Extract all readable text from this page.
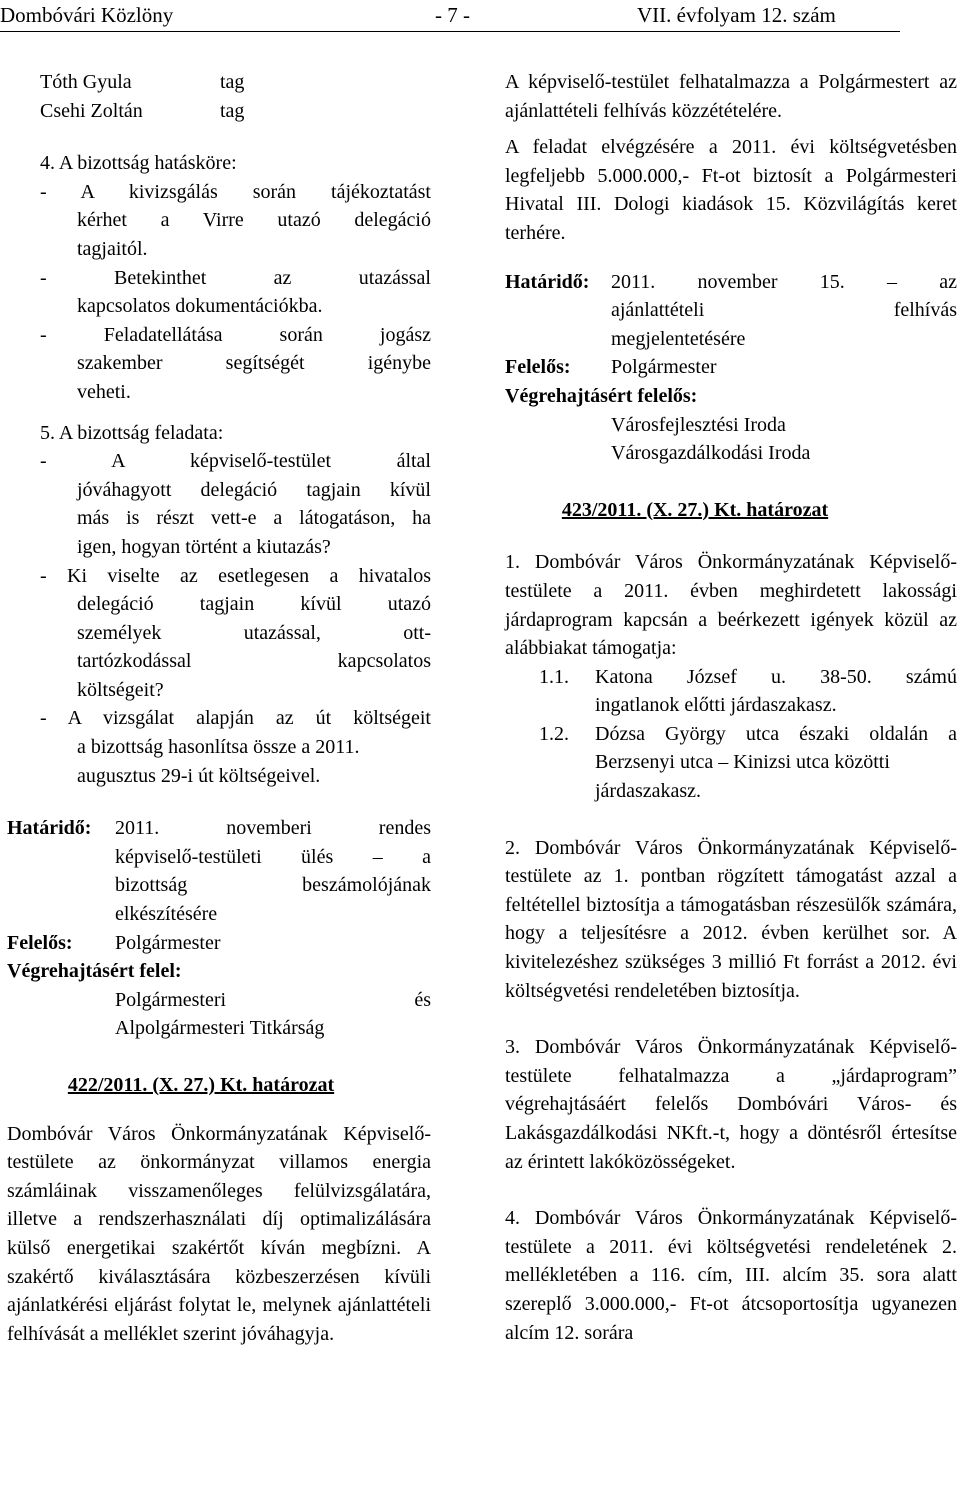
Dombóvári Közlöny	- 7 -	VII. évfolyam 12. szám
Tóth Gyula	tag
Csehi Zoltán	tag

4. A bizottság hatásköre:

- A kivizsgálás során tájékoztatást

kérhet a Virre utazó delegáció

tagjaitól.

- Betekinthet az utazással

kapcsolatos dokumentációkba.

- Feladatellátása során jogász

szakember segítségét igénybe

veheti.

5. A bizottság feladata:

- A képviselő-testület által

jóváhagyott delegáció tagjain kívül

más is részt vett-e a látogatáson, ha

igen, hogyan történt a kiutazás?

- Ki viselte az esetlegesen a hivatalos

delegáció tagjain kívül utazó

személyek utazással, ott-

tartózkodással kapcsolatos

költségeit?

- A vizsgálat alapján az út költségeit

a bizottság hasonlítsa össze a 2011.

augusztus 29-i út költségeivel.

Határidő:	2011. novemberi rendes

képviselő-testületi ülés – a

bizottság beszámolójának

elkészítésére

Felelős:	Polgármester

Végrehajtásért felel:

Polgármesteri és

Alpolgármesteri Titkárság

422/2011. (X. 27.) Kt. határozat

Dombóvár Város Önkormányzatának Képviselő-testülete az önkormányzat villamos energia számláinak visszamenőleges felülvizsgálatára, illetve a rendszerhasználati díj optimalizálására külső energetikai szakértőt kíván megbízni. A szakértő kiválasztására közbeszerzésen kívüli ajánlatkérési eljárást folytat le, melynek ajánlattételi felhívását a melléklet szerint jóváhagyja.

A képviselő-testület felhatalmazza a Polgármestert az ajánlattételi felhívás közzétételére.

A feladat elvégzésére a 2011. évi költségvetésben legfeljebb 5.000.000,- Ft-ot biztosít a Polgármesteri Hivatal III. Dologi kiadások 15. Közvilágítás keret terhére.

Határidő:	2011. november 15. – az

ajánlattételi felhívás

megjelentetésére

Felelős:	Polgármester

Végrehajtásért felelős:

Városfejlesztési Iroda

Városgazdálkodási Iroda

423/2011. (X. 27.) Kt. határozat

1. Dombóvár Város Önkormányzatának Képviselő-testülete a 2011. évben meghirdetett lakossági járdaprogram kapcsán a beérkezett igények közül az alábbiakat támogatja:

1.1.	Katona József u. 38-50. számú

ingatlanok előtti járdaszakasz.

1.2.	Dózsa György utca északi oldalán a

Berzsenyi utca – Kinizsi utca közötti

járdaszakasz.

2. Dombóvár Város Önkormányzatának Képviselő-testülete az 1. pontban rögzített támogatást azzal a feltétellel biztosítja a támogatásban részesülők számára, hogy a teljesítésre a 2012. évben kerülhet sor. A kivitelezéshez szükséges 3 millió Ft forrást a 2012. évi költségvetési rendeletében biztosítja.

3. Dombóvár Város Önkormányzatának Képviselő-testülete felhatalmazza a „járdaprogram” végrehajtásáért felelős Dombóvári Város- és Lakásgazdálkodási NKft.-t, hogy a döntésről értesítse az érintett lakóközösségeket.

4. Dombóvár Város Önkormányzatának Képviselő-testülete a 2011. évi költségvetési rendeletének 2. mellékletében a 116. cím, III. alcím 35. sora alatt szereplő 3.000.000,- Ft-ot átcsoportosítja ugyanezen alcím 12. sorára
